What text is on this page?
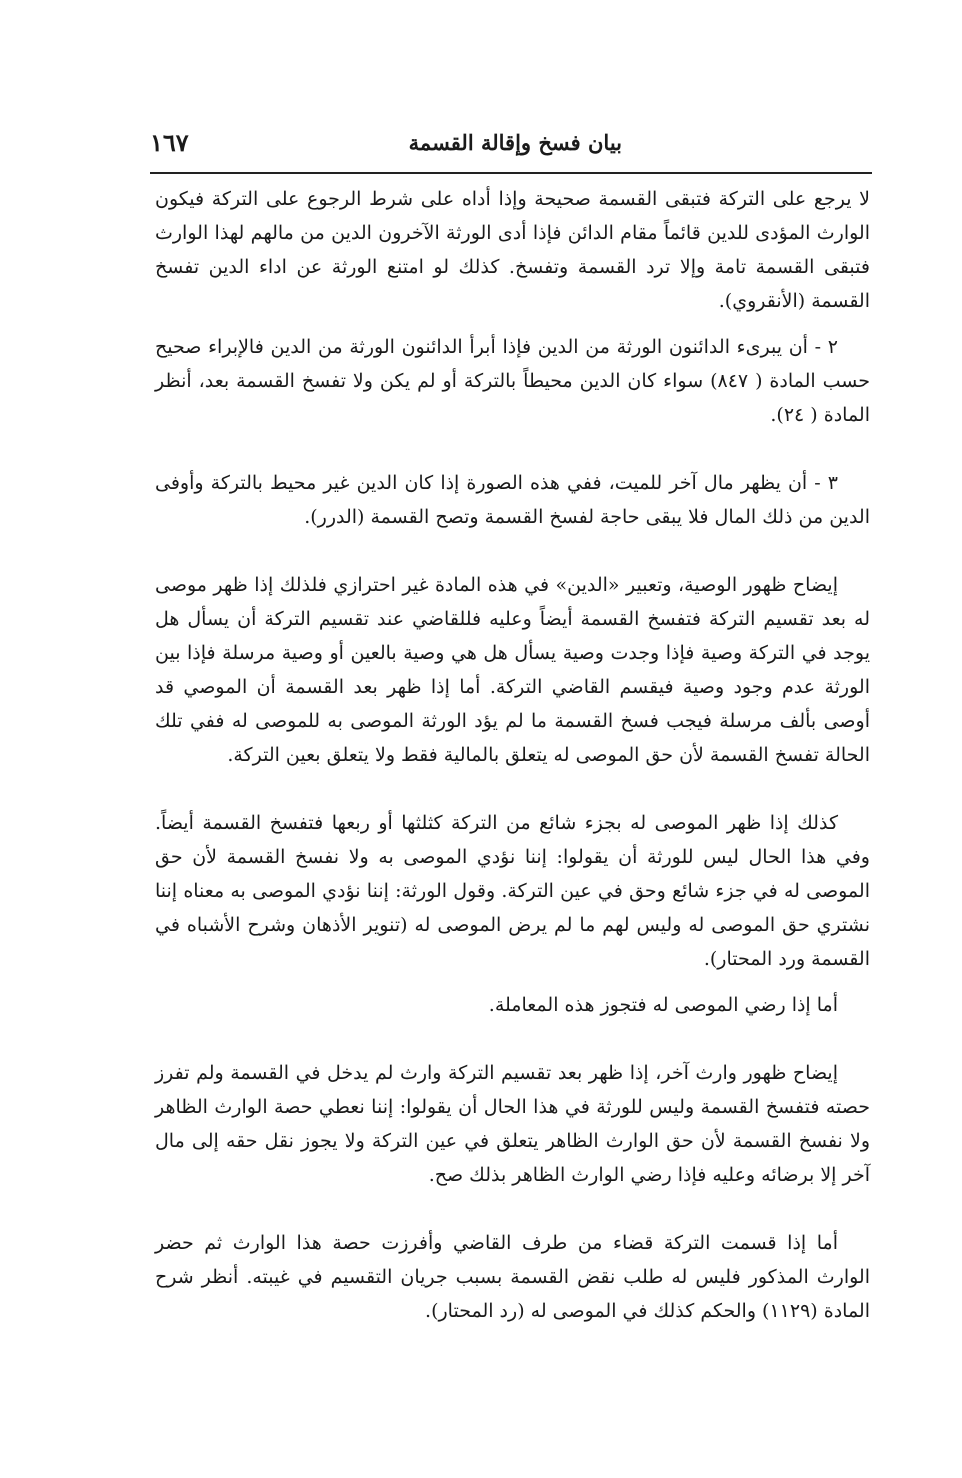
بيان فسخ وإقالة القسمة
١٦٧

لا يرجع على التركة فتبقى القسمة صحيحة وإذا أداه على شرط الرجوع على التركة فيكون الوارث المؤدى للدين قائماً مقام الدائن فإذا أدى الورثة الآخرون الدين من مالهم لهذا الوارث فتبقى القسمة تامة وإلا ترد القسمة وتفسخ. كذلك لو امتنع الورثة عن اداء الدين تفسخ القسمة (الأنقروي).

٢ - أن يبرىء الدائنون الورثة من الدين فإذا أبرأ الدائنون الورثة من الدين فالإبراء صحيح حسب المادة ( ٨٤٧) سواء كان الدين محيطاً بالتركة أو لم يكن ولا تفسخ القسمة بعد، أنظر المادة ( ٢٤).

٣ - أن يظهر مال آخر للميت، ففي هذه الصورة إذا كان الدين غير محيط بالتركة وأوفى الدين من ذلك المال فلا يبقى حاجة لفسخ القسمة وتصح القسمة (الدرر).

إيضاح ظهور الوصية، وتعبير «الدين» في هذه المادة غير احترازي فلذلك إذا ظهر موصى له بعد تقسيم التركة فتفسخ القسمة أيضاً وعليه فللقاضي عند تقسيم التركة أن يسأل هل يوجد في التركة وصية فإذا وجدت وصية يسأل هل هي وصية بالعين أو وصية مرسلة فإذا بين الورثة عدم وجود وصية فيقسم القاضي التركة. أما إذا ظهر بعد القسمة أن الموصي قد أوصى بألف مرسلة فيجب فسخ القسمة ما لم يؤد الورثة الموصى به للموصى له ففي تلك الحالة تفسخ القسمة لأن حق الموصى له يتعلق بالمالية فقط ولا يتعلق بعين التركة.

كذلك إذا ظهر الموصى له بجزء شائع من التركة كثلثها أو ربعها فتفسخ القسمة أيضاً. وفي هذا الحال ليس للورثة أن يقولوا: إننا نؤدي الموصى به ولا نفسخ القسمة لأن حق الموصى له في جزء شائع وحق في عين التركة. وقول الورثة: إننا نؤدي الموصى به معناه إننا نشتري حق الموصى له وليس لهم ما لم يرض الموصى له (تنوير الأذهان وشرح الأشباه في القسمة ورد المحتار).

أما إذا رضي الموصى له فتجوز هذه المعاملة.

إيضاح ظهور وارث آخر، إذا ظهر بعد تقسيم التركة وارث لم يدخل في القسمة ولم تفرز حصته فتفسخ القسمة وليس للورثة في هذا الحال أن يقولوا: إننا نعطي حصة الوارث الظاهر ولا نفسخ القسمة لأن حق الوارث الظاهر يتعلق في عين التركة ولا يجوز نقل حقه إلى مال آخر إلا برضائه وعليه فإذا رضي الوارث الظاهر بذلك صح.

أما إذا قسمت التركة قضاء من طرف القاضي وأفرزت حصة هذا الوارث ثم حضر الوارث المذكور فليس له طلب نقض القسمة بسبب جريان التقسيم في غيبته. أنظر شرح المادة (١١٢٩) والحكم كذلك في الموصى له (رد المحتار).
